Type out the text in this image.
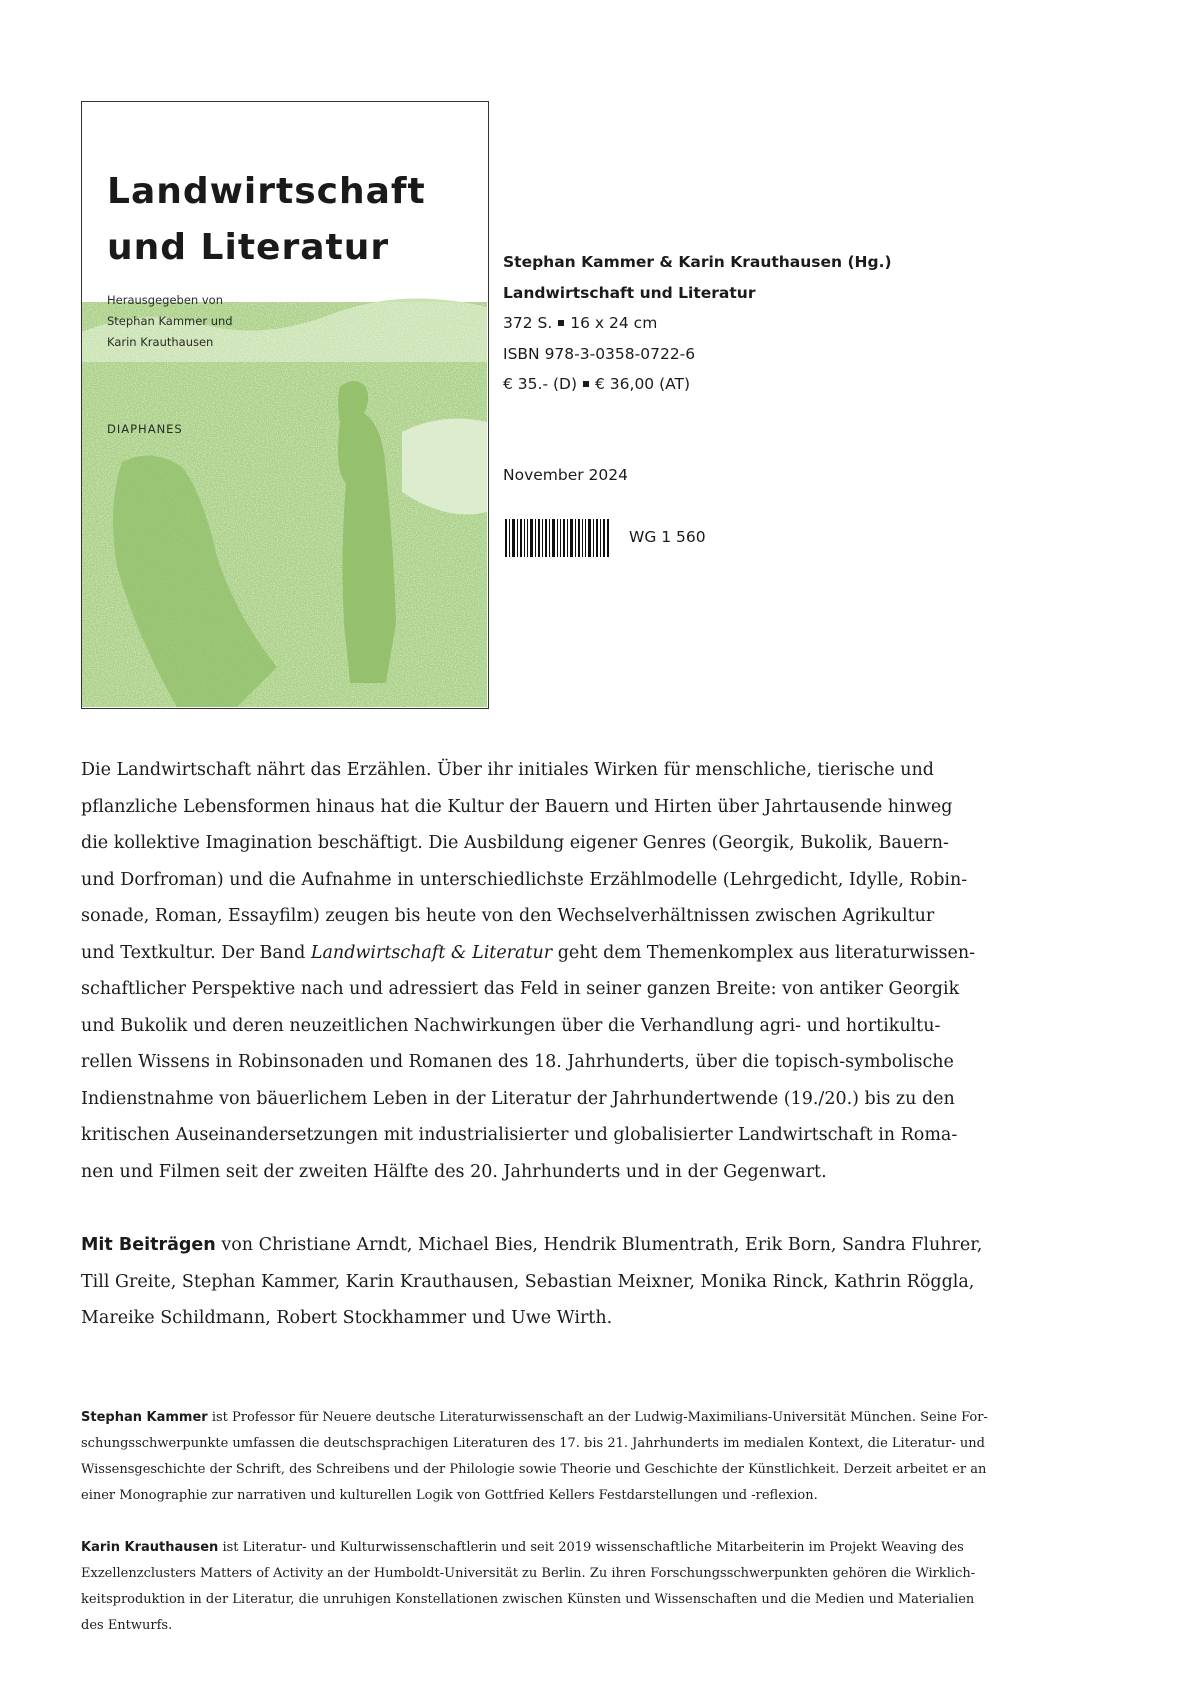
Landwirtschaft
und Literatur
Herausgegeben von
Stephan Kammer und
Karin Krauthausen
DIAPHANES
Stephan Kammer & Karin Krauthausen (Hg.)
Landwirtschaft und Literatur
372 S. 16 x 24 cm
ISBN 978-3-0358-0722-6
€ 35.- (D) € 36,00 (AT)
November 2024
WG 1 560
Die Landwirtschaft nährt das Erzählen. Über ihr initiales Wirken für menschliche, tierische und
pflanzliche Lebensformen hinaus hat die Kultur der Bauern und Hirten über Jahrtausende hinweg
die kollektive Imagination beschäftigt. Die Ausbildung eigener Genres (Georgik, Bukolik, Bauern-
und Dorfroman) und die Aufnahme in unterschiedlichste Erzählmodelle (Lehrgedicht, Idylle, Robin-
sonade, Roman, Essayfilm) zeugen bis heute von den Wechselverhältnissen zwischen Agrikultur
und Textkultur. Der Band Landwirtschaft & Literatur geht dem Themenkomplex aus literaturwissen-
schaftlicher Perspektive nach und adressiert das Feld in seiner ganzen Breite: von antiker Georgik
und Bukolik und deren neuzeitlichen Nachwirkungen über die Verhandlung agri- und hortikultu-
rellen Wissens in Robinsonaden und Romanen des 18. Jahrhunderts, über die topisch-symbolische
Indienstnahme von bäuerlichem Leben in der Literatur der Jahrhundertwende (19./20.) bis zu den
kritischen Auseinandersetzungen mit industrialisierter und globalisierter Landwirtschaft in Roma-
nen und Filmen seit der zweiten Hälfte des 20. Jahrhunderts und in der Gegenwart.
Mit Beiträgen von Christiane Arndt, Michael Bies, Hendrik Blumentrath, Erik Born, Sandra Fluhrer,
Till Greite, Stephan Kammer, Karin Krauthausen, Sebastian Meixner, Monika Rinck, Kathrin Röggla,
Mareike Schildmann, Robert Stockhammer und Uwe Wirth.
Stephan Kammer ist Professor für Neuere deutsche Literaturwissenschaft an der Ludwig-Maximilians-Universität München. Seine For-
schungsschwerpunkte umfassen die deutschsprachigen Literaturen des 17. bis 21. Jahrhunderts im medialen Kontext, die Literatur- und
Wissensgeschichte der Schrift, des Schreibens und der Philologie sowie Theorie und Geschichte der Künstlichkeit. Derzeit arbeitet er an
einer Monographie zur narrativen und kulturellen Logik von Gottfried Kellers Festdarstellungen und -reflexion.
Karin Krauthausen ist Literatur- und Kulturwissenschaftlerin und seit 2019 wissenschaftliche Mitarbeiterin im Projekt Weaving des
Exzellenzclusters Matters of Activity an der Humboldt-Universität zu Berlin. Zu ihren Forschungsschwerpunkten gehören die Wirklich-
keitsproduktion in der Literatur, die unruhigen Konstellationen zwischen Künsten und Wissenschaften und die Medien und Materialien
des Entwurfs.
